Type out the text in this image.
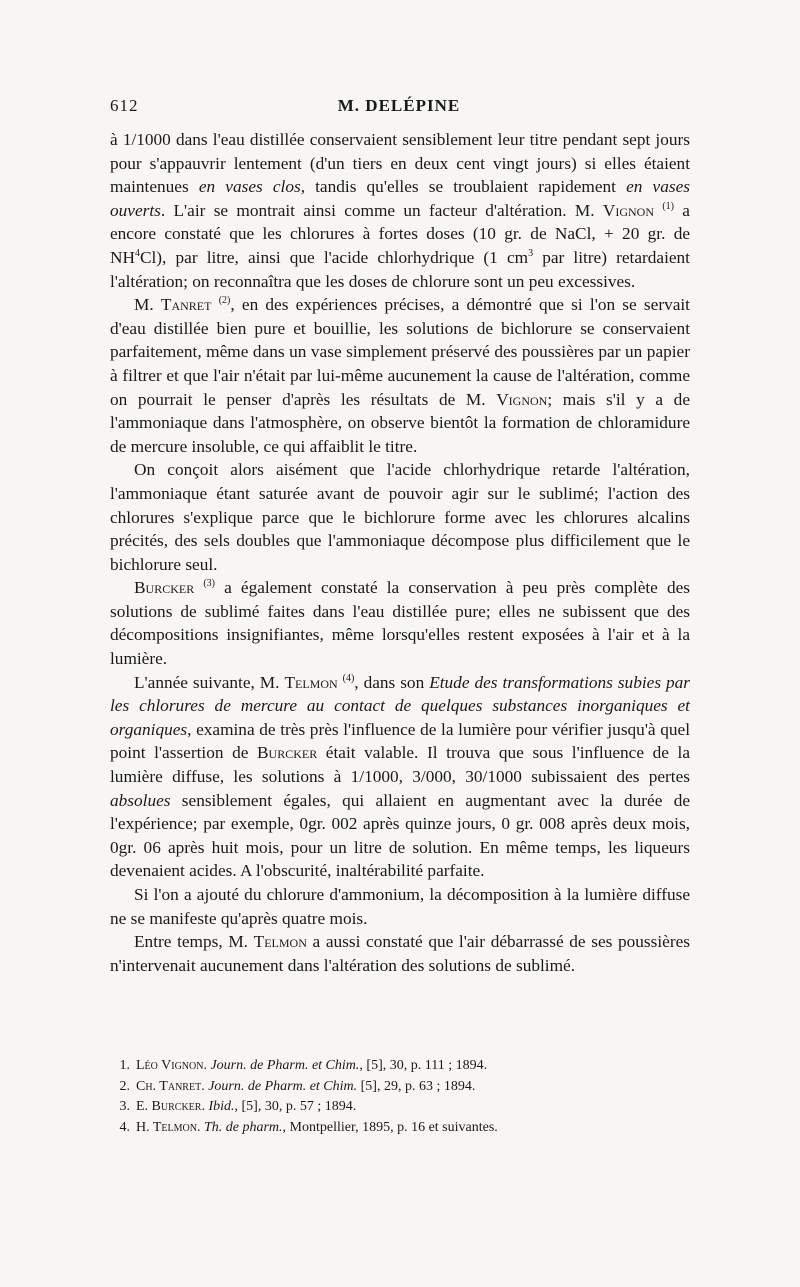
612	M. DELÉPINE

à 1/1000 dans l'eau distillée conservaient sensiblement leur titre pendant sept jours pour s'appauvrir lentement (d'un tiers en deux cent vingt jours) si elles étaient maintenues en vases clos, tandis qu'elles se troublaient rapidement en vases ouverts. L'air se montrait ainsi comme un facteur d'altération. M. Vignon $^{(1)}$ a encore constaté que les chlorures à fortes doses (10 gr. de NaCl, + 20 gr. de $NH^4Cl$), par litre, ainsi que l'acide chlorhydrique (1 $cm^3$ par litre) retardaient l'altération; on reconnaîtra que les doses de chlorure sont un peu excessives.

M. Tanret $^{(2)}$, en des expériences précises, a démontré que si l'on se servait d'eau distillée bien pure et bouillie, les solutions de bichlorure se conservaient parfaitement, même dans un vase simplement préservé des poussières par un papier à filtrer et que l'air n'était par lui-même aucunement la cause de l'altération, comme on pourrait le penser d'après les résultats de M. Vignon; mais s'il y a de l'ammoniaque dans l'atmosphère, on observe bientôt la formation de chloramidure de mercure insoluble, ce qui affaiblit le titre.

On conçoit alors aisément que l'acide chlorhydrique retarde l'altération, l'ammoniaque étant saturée avant de pouvoir agir sur le sublimé; l'action des chlorures s'explique parce que le bichlorure forme avec les chlorures alcalins précités, des sels doubles que l'ammoniaque décompose plus difficilement que le bichlorure seul.

Burcker $^{(3)}$ a également constaté la conservation à peu près complète des solutions de sublimé faites dans l'eau distillée pure; elles ne subissent que des décompositions insignifiantes, même lorsqu'elles restent exposées à l'air et à la lumière.

L'année suivante, M. Telmon $^{(4)}$, dans son Etude des transformations subies par les chlorures de mercure au contact de quelques substances inorganiques et organiques, examina de très près l'influence de la lumière pour vérifier jusqu'à quel point l'assertion de Burcker était valable. Il trouva que sous l'influence de la lumière diffuse, les solutions à 1/1000, 3/000, 30/1000 subissaient des pertes absolues sensiblement égales, qui allaient en augmentant avec la durée de l'expérience; par exemple, 0gr. 002 après quinze jours, 0 gr. 008 après deux mois, 0gr. 06 après huit mois, pour un litre de solution. En même temps, les liqueurs devenaient acides. A l'obscurité, inaltérabilité parfaite.

Si l'on a ajouté du chlorure d'ammonium, la décomposition à la lumière diffuse ne se manifeste qu'après quatre mois.

Entre temps, M. Telmon a aussi constaté que l'air débarrassé de ses poussières n'intervenait aucunement dans l'altération des solutions de sublimé.

1. Léo Vignon. Journ. de Pharm. et Chim., [5], 30, p. 111 ; 1894.

2. Ch. Tanret. Journ. de Pharm. et Chim. [5], 29, p. 63 ; 1894.

3. E. Burcker. Ibid., [5], 30, p. 57 ; 1894.

4. H. Telmon. Th. de pharm., Montpellier, 1895, p. 16 et suivantes.
